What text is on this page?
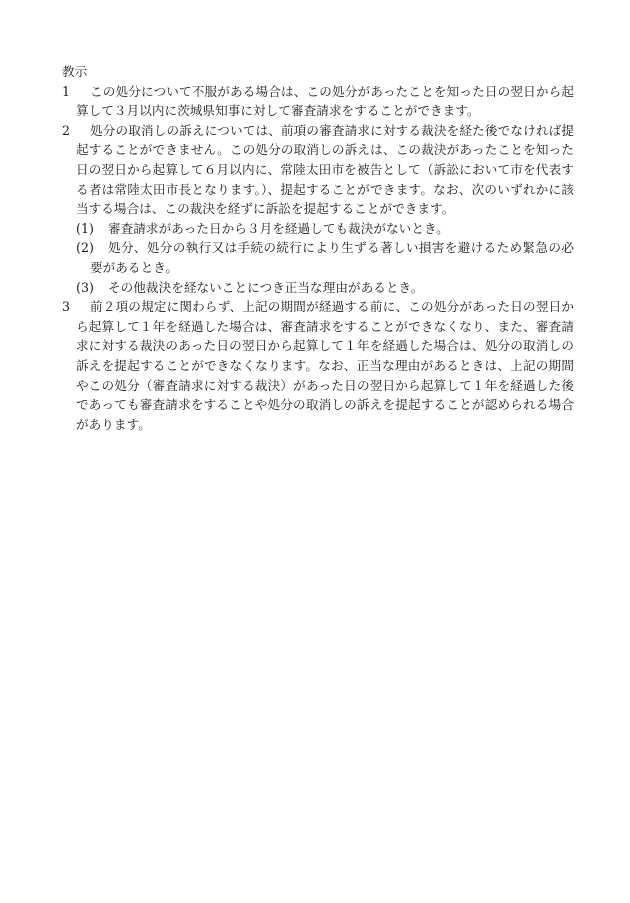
教示
1	この処分について不服がある場合は、この処分があったことを知った日の翌日から起算して３月以内に茨城県知事に対して審査請求をすることができます。
2	処分の取消しの訴えについては、前項の審査請求に対する裁決を経た後でなければ提起することができません。この処分の取消しの訴えは、この裁決があったことを知った日の翌日から起算して６月以内に、常陸太田市を被告として（訴訟において市を代表する者は常陸太田市長となります。）、提起することができます。なお、次のいずれかに該当する場合は、この裁決を経ずに訴訟を提起することができます。
(1)	審査請求があった日から３月を経過しても裁決がないとき。
(2)	処分、処分の執行又は手続の続行により生ずる著しい損害を避けるため緊急の必要があるとき。
(3)	その他裁決を経ないことにつき正当な理由があるとき。
3	前２項の規定に関わらず、上記の期間が経過する前に、この処分があった日の翌日から起算して１年を経過した場合は、審査請求をすることができなくなり、また、審査請求に対する裁決のあった日の翌日から起算して１年を経過した場合は、処分の取消しの訴えを提起することができなくなります。なお、正当な理由があるときは、上記の期間やこの処分（審査請求に対する裁決）があった日の翌日から起算して１年を経過した後であっても審査請求をすることや処分の取消しの訴えを提起することが認められる場合があります。
